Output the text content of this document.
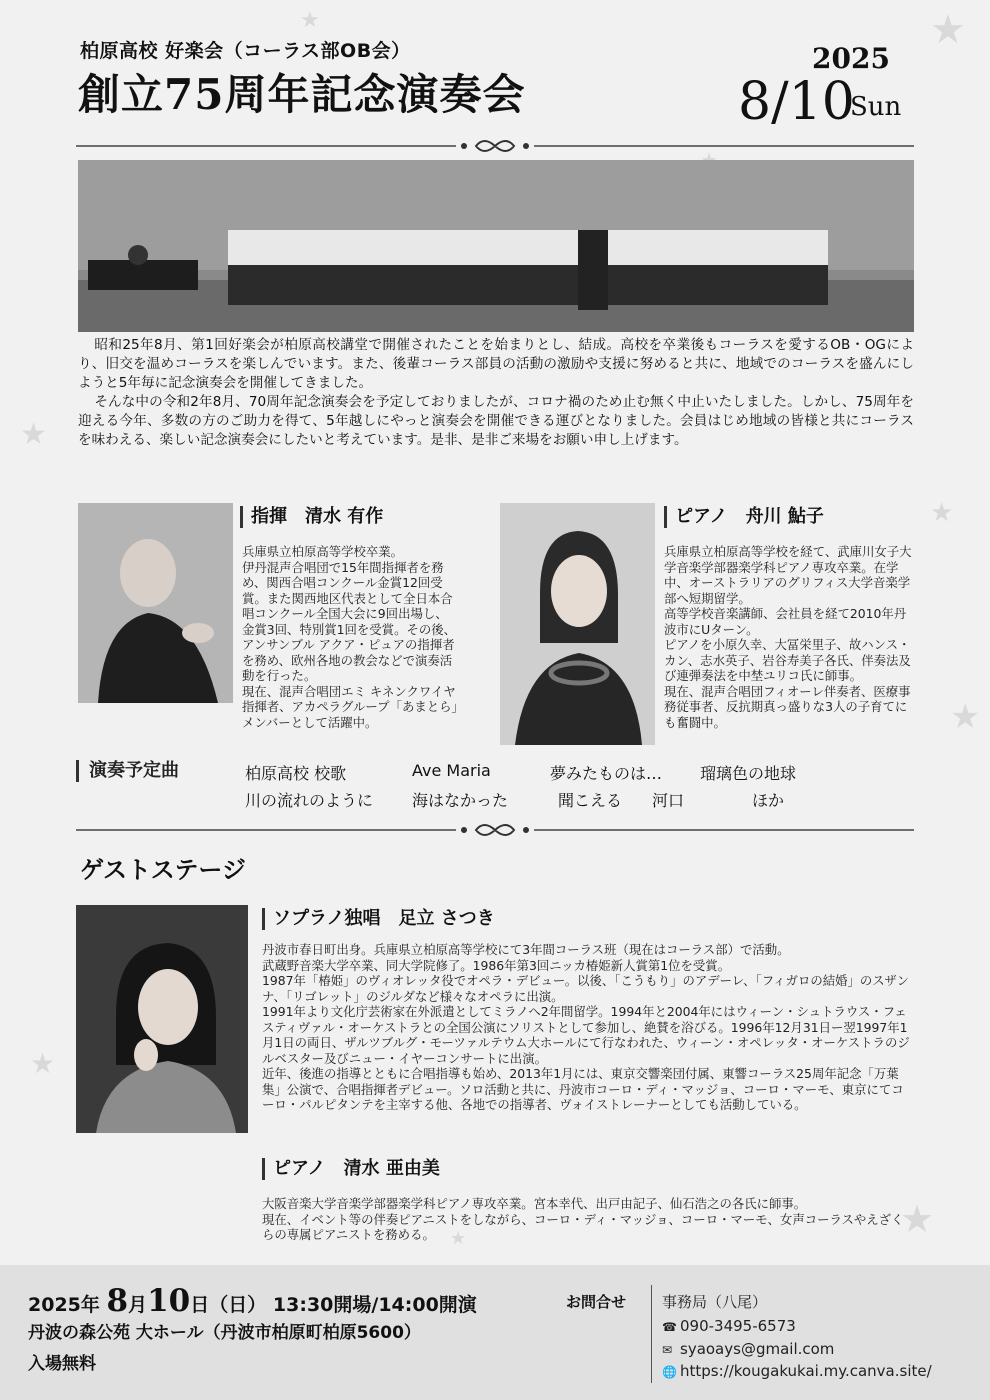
★
★
★
★
★
★
★
★
柏原高校 好楽会（コーラス部OB会）
創立75周年記念演奏会
2025
8/10
Sun

昭和25年8月、第1回好楽会が柏原高校講堂で開催されたことを始まりとし、結成。高校を卒業後もコーラスを愛するOB・OGにより、旧交を温めコーラスを楽しんでいます。また、後輩コーラス部員の活動の激励や支援に努めると共に、地域でのコーラスを盛んにしようと5年毎に記念演奏会を開催してきました。

そんな中の令和2年8月、70周年記念演奏会を予定しておりましたが、コロナ禍のため止む無く中止いたしました。しかし、75周年を迎える今年、多数の方のご助力を得て、5年越しにやっと演奏会を開催できる運びとなりました。会員はじめ地域の皆様と共にコーラスを味わえる、楽しい記念演奏会にしたいと考えています。是非、是非ご来場をお願い申し上げます。

指揮 清水 有作

兵庫県立柏原高等学校卒業。

伊丹混声合唱団で15年間指揮者を務め、関西合唱コンクール金賞12回受賞。また関西地区代表として全日本合唱コンクール全国大会に9回出場し、金賞3回、特別賞1回を受賞。その後、アンサンブル アクア・ピュアの指揮者を務め、欧州各地の教会などで演奏活動を行った。

現在、混声合唱団エミ キネンクワイヤ指揮者、アカペラグループ「あまとら」メンバーとして活躍中。

ピアノ 舟川 鮎子

兵庫県立柏原高等学校を経て、武庫川女子大学音楽学部器楽学科ピアノ専攻卒業。在学中、オーストラリアのグリフィス大学音楽学部へ短期留学。

高等学校音楽講師、会社員を経て2010年丹波市にUターン。

ピアノを小原久幸、大冨栄里子、故ハンス・カン、志水英子、岩谷寿美子各氏、伴奏法及び連弾奏法を中埜ユリコ氏に師事。

現在、混声合唱団フィオーレ伴奏者、医療事務従事者、反抗期真っ盛りな3人の子育てにも奮闘中。

演奏予定曲	柏原高校 校歌	Ave Maria	夢みたものは… 瑠璃色の地球
川の流れのように 海はなかった	聞こえる 河口	ほか
ゲストステージ
ソプラノ独唱 足立 さつき

丹波市春日町出身。兵庫県立柏原高等学校にて3年間コーラス班（現在はコーラス部）で活動。

武蔵野音楽大学卒業、同大学院修了。1986年第3回ニッカ椿姫新人賞第1位を受賞。

1987年「椿姫」のヴィオレッタ役でオペラ・デビュー。以後、「こうもり」のアデーレ、「フィガロの結婚」のスザンナ、「リゴレット」のジルダなど様々なオペラに出演。

1991年より文化庁芸術家在外派遣としてミラノへ2年間留学。1994年と2004年にはウィーン・シュトラウス・フェスティヴァル・オーケストラとの全国公演にソリストとして参加し、絶賛を浴びる。1996年12月31日ー翌1997年1月1日の両日、ザルツブルグ・モーツァルテウム大ホールにて行なわれた、ウィーン・オペレッタ・オーケストラのジルベスター及びニュー・イヤーコンサートに出演。

近年、後進の指導とともに合唱指導も始め、2013年1月には、東京交響楽団付属、東響コーラス25周年記念「万葉集」公演で、合唱指揮者デビュー。ソロ活動と共に、丹波市コーロ・ディ・マッジョ、コーロ・マーモ、東京にてコーロ・パルピタンテを主宰する他、各地での指導者、ヴォイストレーナーとしても活動している。

ピアノ 清水 亜由美

大阪音楽大学音楽学部器楽学科ピアノ専攻卒業。宮本幸代、出戸由記子、仙石浩之の各氏に師事。

現在、イベント等の伴奏ピアニストをしながら、コーロ・ディ・マッジョ、コーロ・マーモ、女声コーラスやえざくらの専属ピアニストを務める。

2025年 8月10日（日） 13:30開場/14:00開演
丹波の森公苑 大ホール（丹波市柏原町柏原5600）
入場無料
お問合せ 事務局（八尾）
☎ 090-3495-6573
✉ syaoays@gmail.com
🌐 https://kougakukai.my.canva.site/
